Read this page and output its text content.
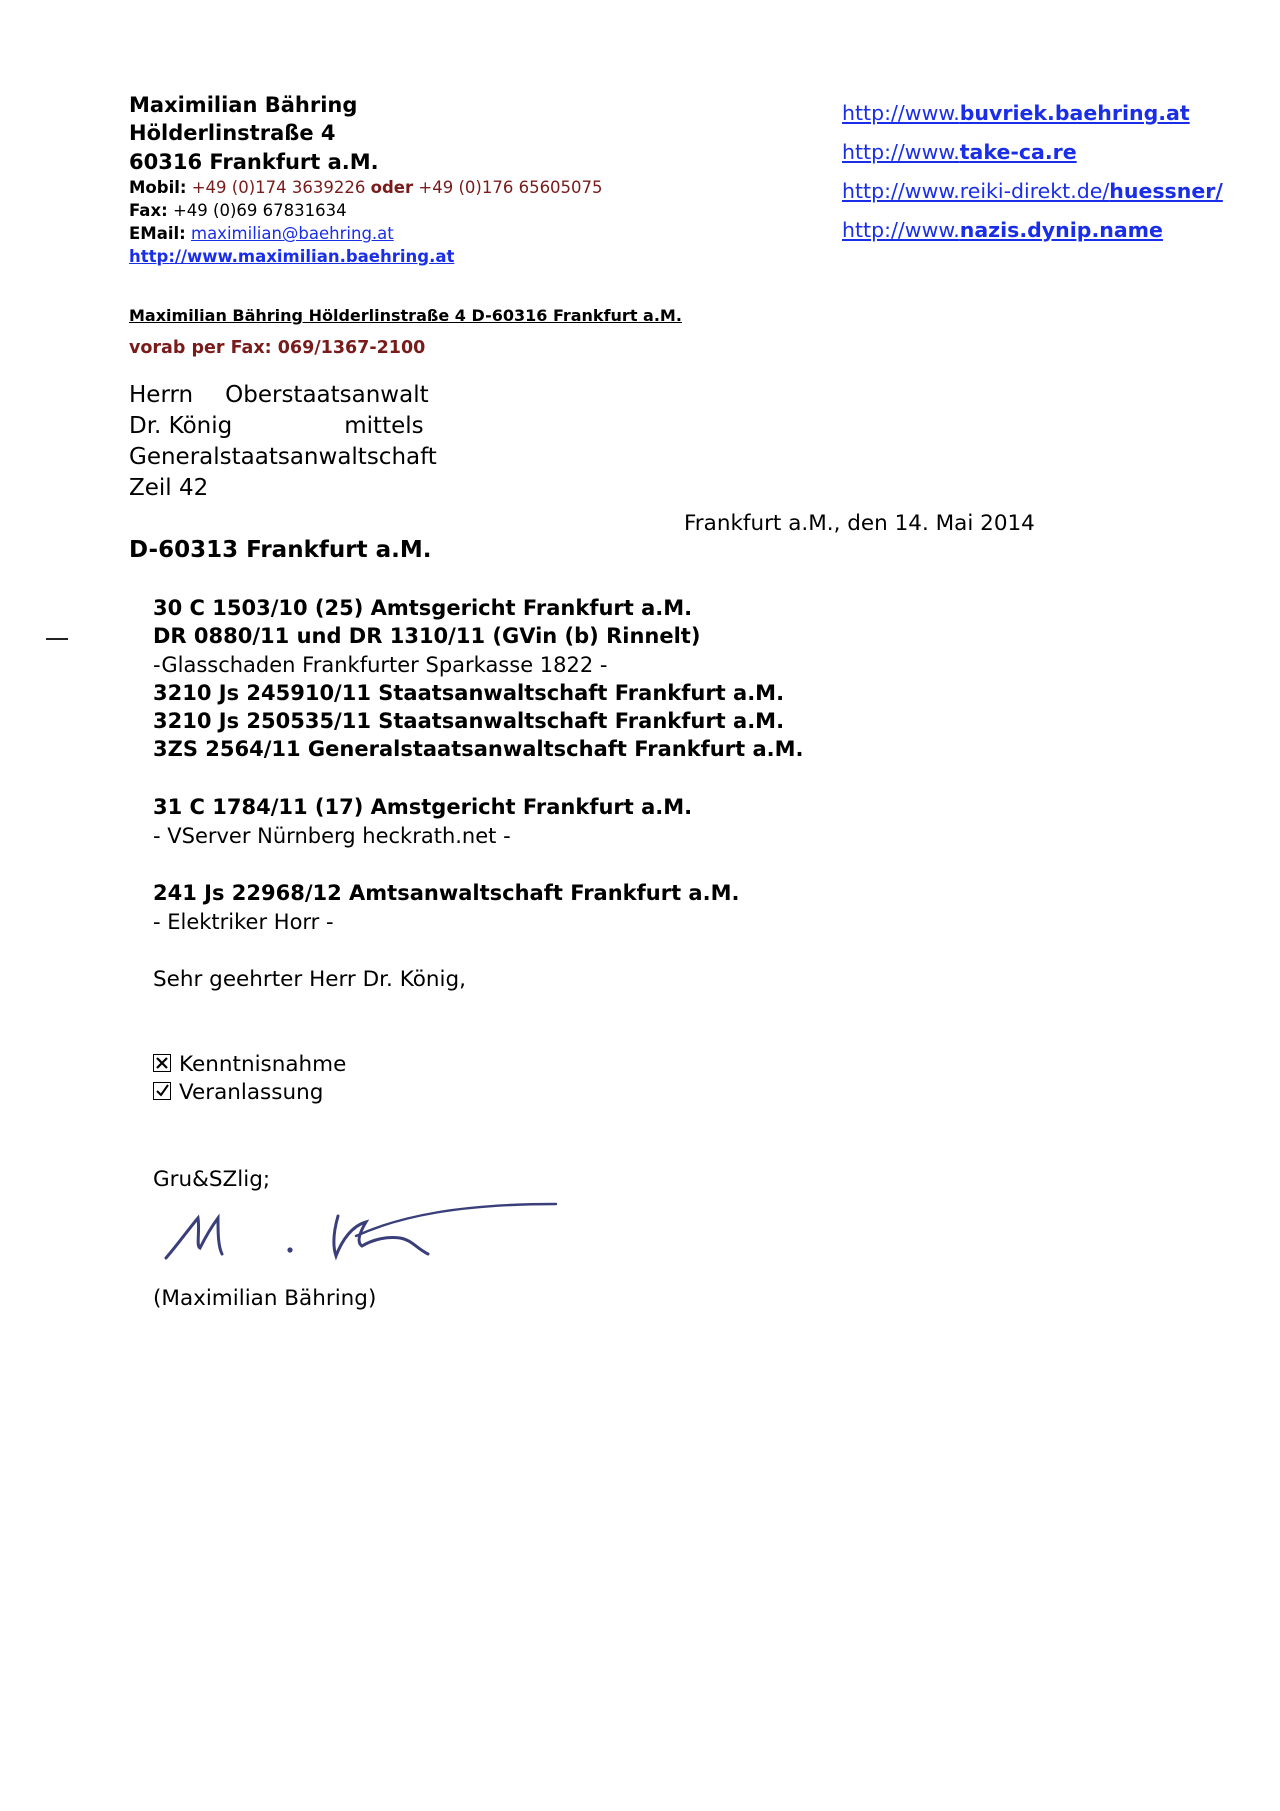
Maximilian Bähring
Hölderlinstraße 4
60316 Frankfurt a.M.
Mobil: +49 (0)174 3639226 oder +49 (0)176 65605075
Fax: +49 (0)69 67831634
EMail: maximilian@baehring.at
http://www.maximilian.baehring.at
http://www.buvriek.baehring.at
http://www.take-ca.re
http://www.reiki-direkt.de/huessner/
http://www.nazis.dynip.name
Maximilian Bähring Hölderlinstraße 4 D-60316 Frankfurt a.M.
vorab per Fax: 069/1367-2100
Herrn Oberstaatsanwalt
Dr. König	mittels
Generalstaatsanwaltschaft
Zeil 42
D-60313 Frankfurt a.M.
Frankfurt a.M., den 14. Mai 2014
30 C 1503/10 (25) Amtsgericht Frankfurt a.M.
DR 0880/11 und DR 1310/11 (GVin (b) Rinnelt)
-Glasschaden Frankfurter Sparkasse 1822 -
3210 Js 245910/11 Staatsanwaltschaft Frankfurt a.M.
3210 Js 250535/11 Staatsanwaltschaft Frankfurt a.M.
3ZS 2564/11 Generalstaatsanwaltschaft Frankfurt a.M.
31 C 1784/11 (17) Amstgericht Frankfurt a.M.
- VServer Nürnberg heckrath.net -
241 Js 22968/12 Amtsanwaltschaft Frankfurt a.M.
- Elektriker Horr -
Sehr geehrter Herr Dr. König,
Kenntnisnahme
Veranlassung
Gru&SZlig;
(Maximilian Bähring)
